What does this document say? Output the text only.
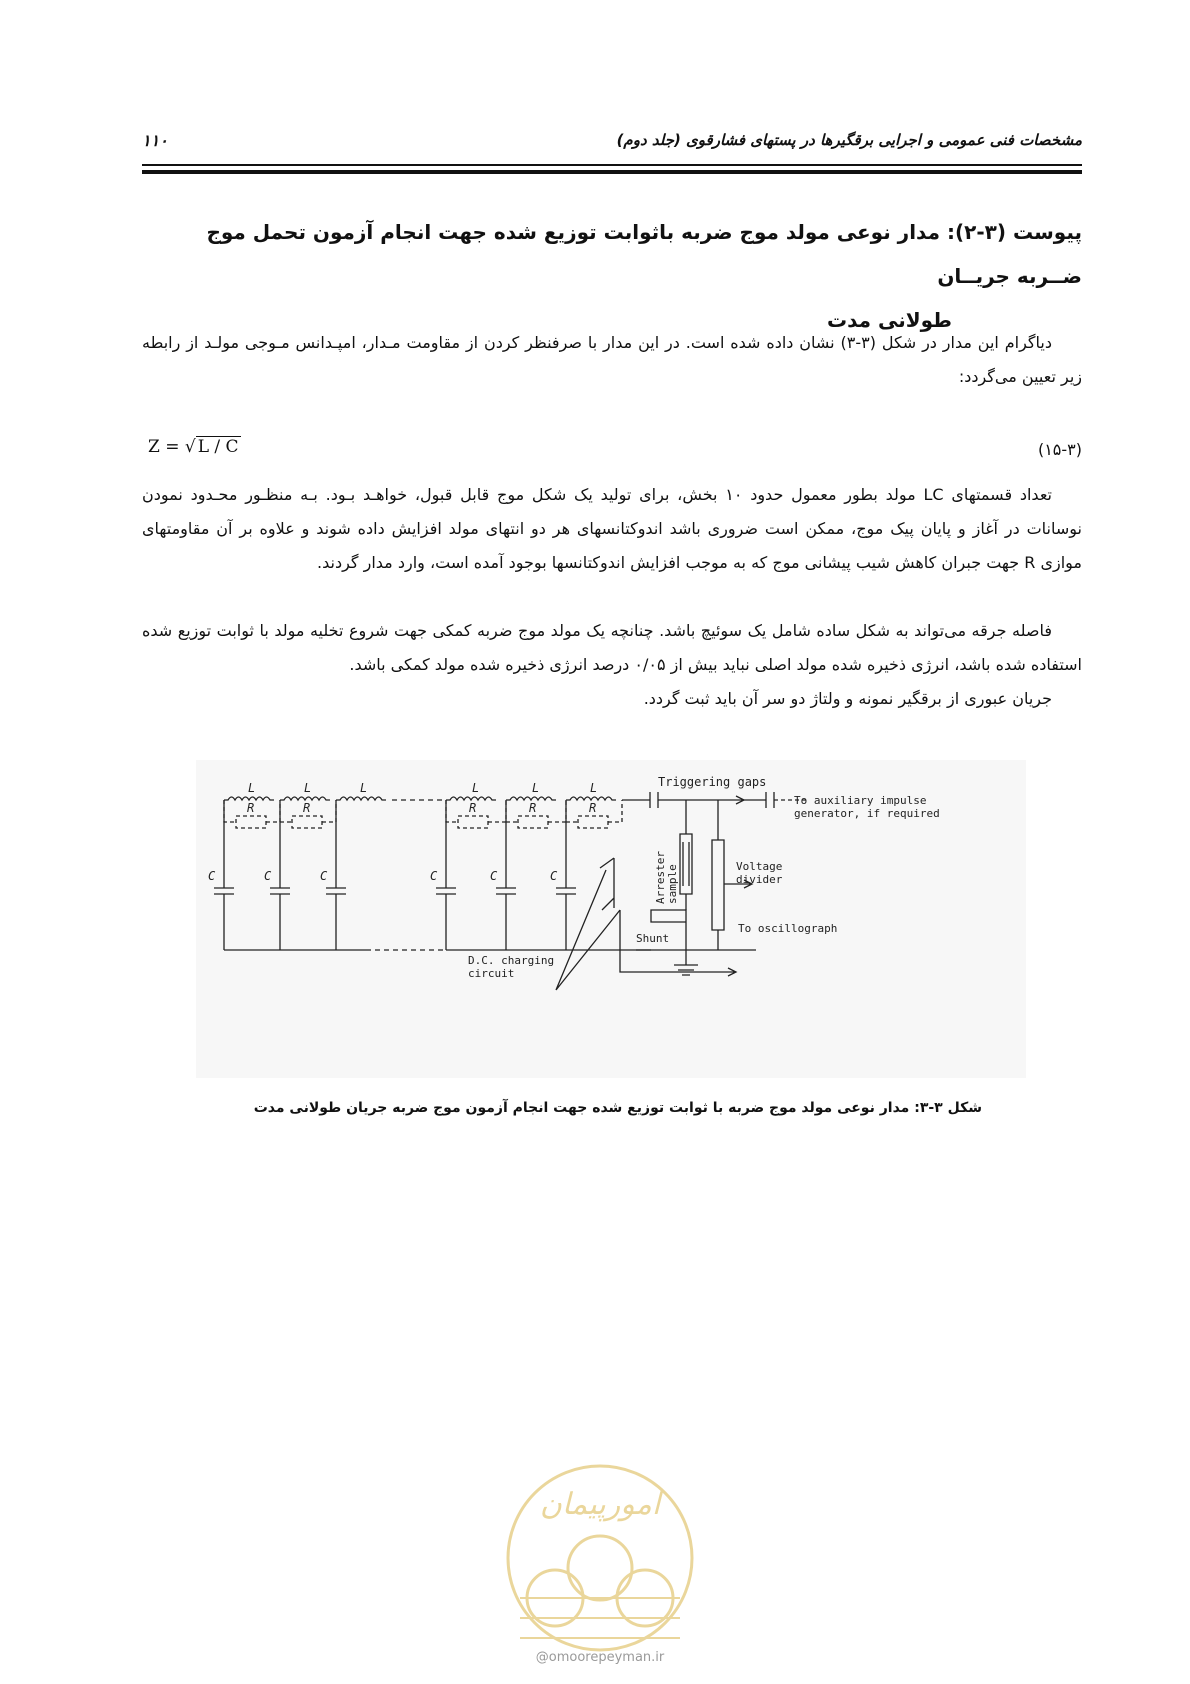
۱۱۰	مشخصات فنی عمومی و اجرایی برقگیرها در پستهای فشارقوی (جلد دوم)
پیوست (۳-۲): مدار نوعی مولد موج ضربه باثوابت توزیع شده جهت انجام آزمون تحمل موج ضــربه جریــان
طولانی مدت

دیاگرام این مدار در شکل (۳-۳) نشان داده شده است. در این مدار با صرفنظر کردن از مقاومت مـدار، امپـدانس مـوجی مولـد از رابطه زیر تعیین می‌گردد:

Z = √ L / C	(۱۵-۳)

تعداد قسمتهای LC مولد بطور معمول حدود ۱۰ بخش، برای تولید یک شکل موج قابل قبول، خواهـد بـود. بـه منظـور محـدود نمودن نوسانات در آغاز و پایان پیک موج، ممکن است ضروری باشد اندوکتانسهای هر دو انتهای مولد افزایش داده شوند و علاوه بر آن مقاومتهای موازی R جهت جبران کاهش شیب پیشانی موج که به موجب افزایش اندوکتانسها بوجود آمده است، وارد مدار گردند.

فاصله جرقه می‌تواند به شکل ساده شامل یک سوئیچ باشد. چنانچه یک مولد موج ضربه کمکی جهت شروع تخلیه مولد با ثوابت توزیع شده استفاده شده باشد، انرژی ذخیره شده مولد اصلی نباید بیش از ۰/۰۵ درصد انرژی ذخیره شده مولد کمکی باشد.

جریان عبوری از برقگیر نمونه و ولتاژ دو سر آن باید ثبت گردد.

L	L	L	L	L	L
R	R	R	R	R
C	C	C	C	C	C
Triggering gaps
To auxiliary impulse
generator, if required
Voltage
divider
To oscillograph
Shunt
D.C. charging
circuit
Arrester sample
شکل ۳-۳: مدار نوعی مولد موج ضربه با ثوابت توزیع شده جهت انجام آزمون موج ضربه جریان طولانی مدت
امورپیمان
@omoorepeyman.ir
